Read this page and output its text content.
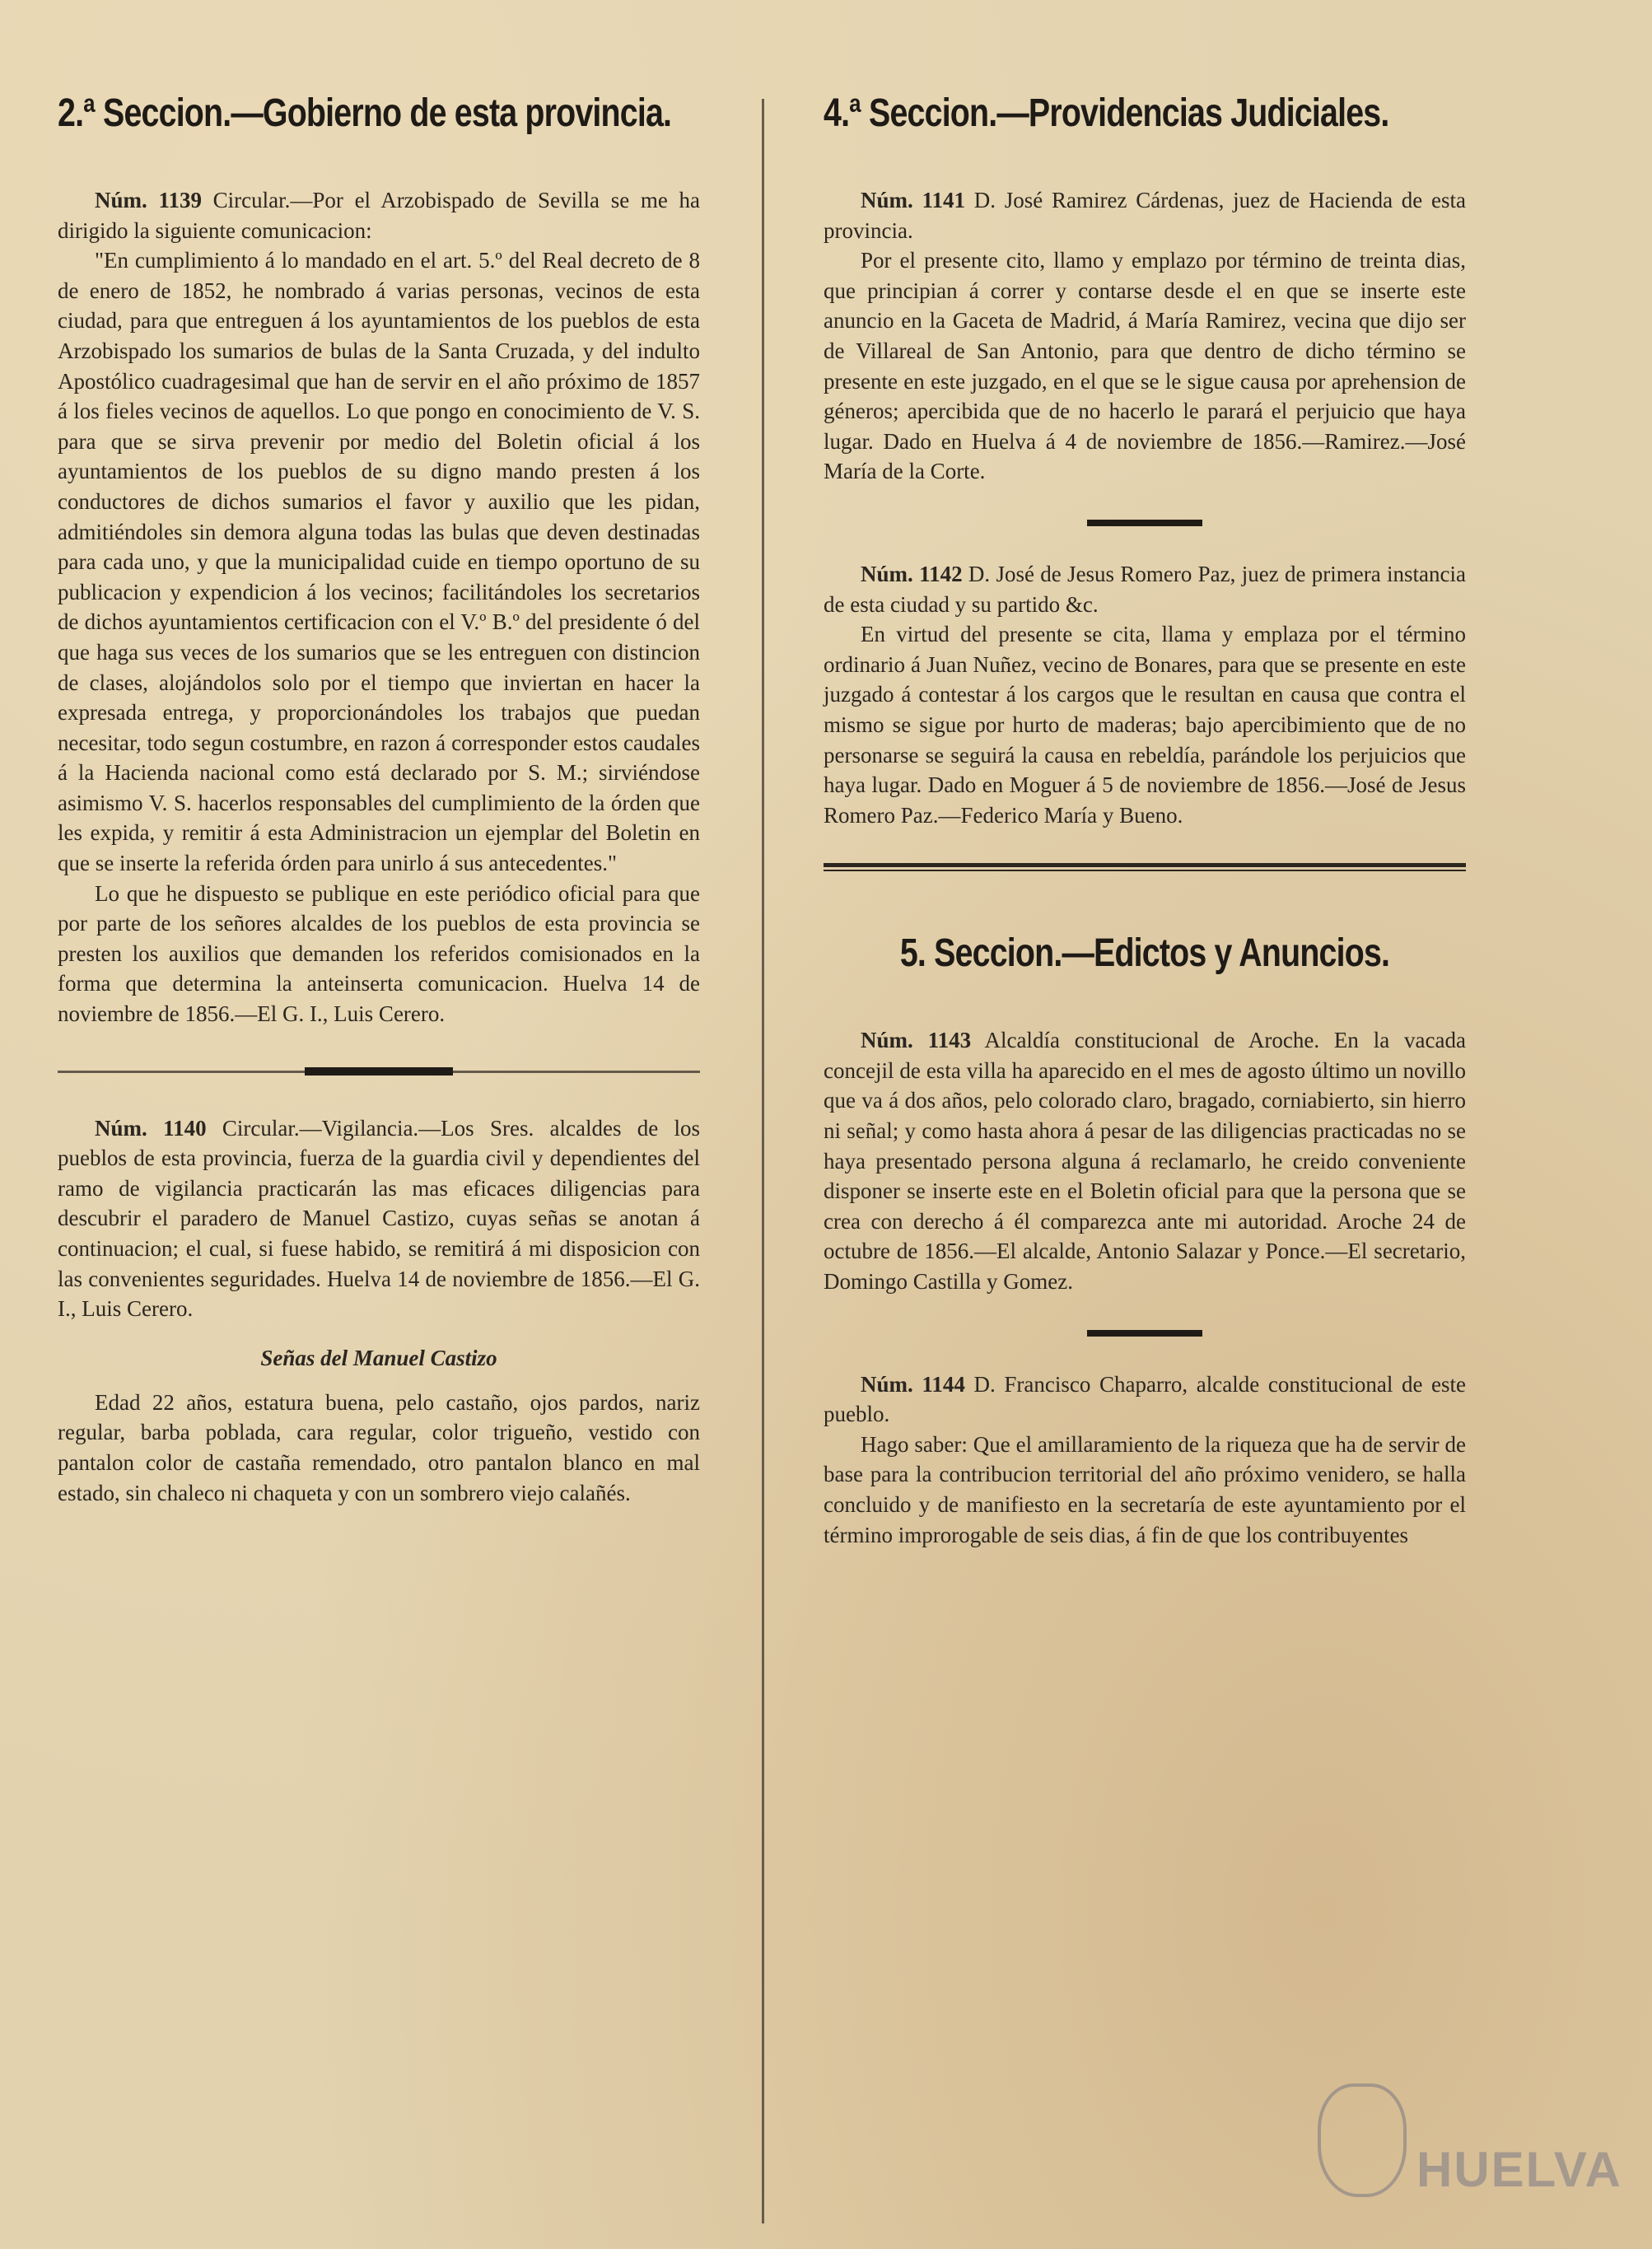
2.ª Seccion.—Gobierno de esta provincia.

Núm. 1139 Circular.—Por el Arzobispado de Sevilla se me ha dirigido la siguiente comunicacion:

"En cumplimiento á lo mandado en el art. 5.º del Real decreto de 8 de enero de 1852, he nombrado á varias personas, vecinos de esta ciudad, para que entreguen á los ayuntamientos de los pueblos de esta Arzobispado los sumarios de bulas de la Santa Cruzada, y del indulto Apostólico cuadragesimal que han de servir en el año próximo de 1857 á los fieles vecinos de aquellos. Lo que pongo en conocimiento de V. S. para que se sirva prevenir por medio del Boletin oficial á los ayuntamientos de los pueblos de su digno mando presten á los conductores de dichos sumarios el favor y auxilio que les pidan, admitiéndoles sin demora alguna todas las bulas que deven destinadas para cada uno, y que la municipalidad cuide en tiempo oportuno de su publicacion y expendicion á los vecinos; facilitándoles los secretarios de dichos ayuntamientos certificacion con el V.º B.º del presidente ó del que haga sus veces de los sumarios que se les entreguen con distincion de clases, alojándolos solo por el tiempo que inviertan en hacer la expresada entrega, y proporcionándoles los trabajos que puedan necesitar, todo segun costumbre, en razon á corresponder estos caudales á la Hacienda nacional como está declarado por S. M.; sirviéndose asimismo V. S. hacerlos responsables del cumplimiento de la órden que les expida, y remitir á esta Administracion un ejemplar del Boletin en que se inserte la referida órden para unirlo á sus antecedentes."

Lo que he dispuesto se publique en este periódico oficial para que por parte de los señores alcaldes de los pueblos de esta provincia se presten los auxilios que demanden los referidos comisionados en la forma que determina la anteinserta comunicacion. Huelva 14 de noviembre de 1856.—El G. I., Luis Cerero.

Núm. 1140 Circular.—Vigilancia.—Los Sres. alcaldes de los pueblos de esta provincia, fuerza de la guardia civil y dependientes del ramo de vigilancia practicarán las mas eficaces diligencias para descubrir el paradero de Manuel Castizo, cuyas señas se anotan á continuacion; el cual, si fuese habido, se remitirá á mi disposicion con las convenientes seguridades. Huelva 14 de noviembre de 1856.—El G. I., Luis Cerero.

Señas del Manuel Castizo

Edad 22 años, estatura buena, pelo castaño, ojos pardos, nariz regular, barba poblada, cara regular, color trigueño, vestido con pantalon color de castaña remendado, otro pantalon blanco en mal estado, sin chaleco ni chaqueta y con un sombrero viejo calañés.

4.ª Seccion.—Providencias Judiciales.

Núm. 1141 D. José Ramirez Cárdenas, juez de Hacienda de esta provincia.

Por el presente cito, llamo y emplazo por término de treinta dias, que principian á correr y contarse desde el en que se inserte este anuncio en la Gaceta de Madrid, á María Ramirez, vecina que dijo ser de Villareal de San Antonio, para que dentro de dicho término se presente en este juzgado, en el que se le sigue causa por aprehension de géneros; apercibida que de no hacerlo le parará el perjuicio que haya lugar. Dado en Huelva á 4 de noviembre de 1856.—Ramirez.—José María de la Corte.

Núm. 1142 D. José de Jesus Romero Paz, juez de primera instancia de esta ciudad y su partido &c.

En virtud del presente se cita, llama y emplaza por el término ordinario á Juan Nuñez, vecino de Bonares, para que se presente en este juzgado á contestar á los cargos que le resultan en causa que contra el mismo se sigue por hurto de maderas; bajo apercibimiento que de no personarse se seguirá la causa en rebeldía, parándole los perjuicios que haya lugar. Dado en Moguer á 5 de noviembre de 1856.—José de Jesus Romero Paz.—Federico María y Bueno.

5. Seccion.—Edictos y Anuncios.

Núm. 1143 Alcaldía constitucional de Aroche. En la vacada concejil de esta villa ha aparecido en el mes de agosto último un novillo que va á dos años, pelo colorado claro, bragado, corniabierto, sin hierro ni señal; y como hasta ahora á pesar de las diligencias practicadas no se haya presentado persona alguna á reclamarlo, he creido conveniente disponer se inserte este en el Boletin oficial para que la persona que se crea con derecho á él comparezca ante mi autoridad. Aroche 24 de octubre de 1856.—El alcalde, Antonio Salazar y Ponce.—El secretario, Domingo Castilla y Gomez.

Núm. 1144 D. Francisco Chaparro, alcalde constitucional de este pueblo.

Hago saber: Que el amillaramiento de la riqueza que ha de servir de base para la contribucion territorial del año próximo venidero, se halla concluido y de manifiesto en la secretaría de este ayuntamiento por el término improrogable de seis dias, á fin de que los contribuyentes

HUELVA
